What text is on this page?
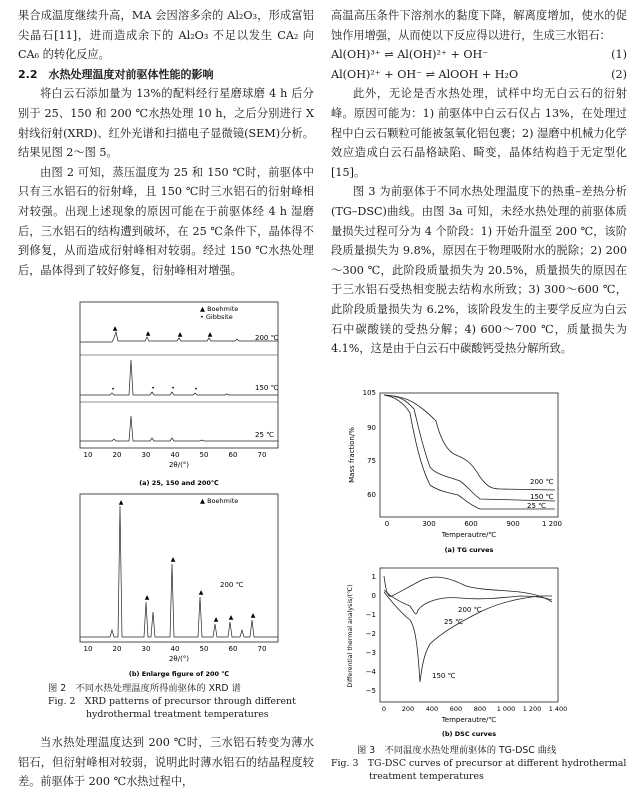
果合成温度继续升高，MA 会因溶多余的 Al₂O₃，形成富铝尖晶石[11]，进而造成余下的 Al₂O₃ 不足以发生 CA₂ 向 CA₆ 的转化反应。

2.2　水热处理温度对前驱体性能的影响

将白云石添加量为 13%的配料经行星磨球磨 4 h 后分别于 25、150 和 200 ℃水热处理 10 h，之后分别进行 X 射线衍射(XRD)、红外光谱和扫描电子显微镜(SEM)分析。结果见图 2～图 5。

由图 2 可知，蒸压温度为 25 和 150 ℃时，前驱体中只有三水铝石的衍射峰，且 150 ℃时三水铝石的衍射峰相对较强。出现上述现象的原因可能在于前驱体经 4 h 湿磨后，三水铝石的结构遭到破坏，在 25 ℃条件下，晶体得不到修复，从而造成衍射峰相对较弱。经过 150 ℃水热处理后，晶体得到了较好修复，衍射峰相对增强。

▲
▲	▲	▲
•	•	•	•
▲ Boehmite
• Gibbsite
200 ℃
150 ℃
25 ℃
10	20	30	40	50	60	70
2θ/(°)
(a) 25, 150 and 200℃
▲
▲
▲
▲
▲ ▲	▲
▲ Boehmite
200 ℃
10	20	30	40	50	60	70
2θ/(°)
(b) Enlarge figure of 200 ℃
图 2　不同水热处理温度所得前驱体的 XRD 谱
Fig. 2　XRD patterns of precursor through different
hydrothermal treatment temperatures

当水热处理温度达到 200 ℃时，三水铝石转变为薄水铝石，但衍射峰相对较弱，说明此时薄水铝石的结晶程度较差。前驱体于 200 ℃水热过程中，

高温高压条件下溶剂水的黏度下降，解离度增加，使水的促蚀作用增强，从而使以下反应得以进行，生成三水铝石：

Al(OH)³⁺ ⇌ Al(OH)²⁺ + OH⁻	(1)
Al(OH)²⁺ + OH⁻ ⇌ AlOOH + H₂O	(2)

此外，无论是否水热处理，试样中均无白云石的衍射峰。原因可能为：1) 前驱体中白云石仅占 13%，在处理过程中白云石颗粒可能被氢氧化铝包裹；2) 湿磨中机械力化学效应造成白云石晶格缺陷、畸变，晶体结构趋于无定型化[15]。

图 3 为前驱体于不同水热处理温度下的热重–差热分析(TG–DSC)曲线。由图 3a 可知，未经水热处理的前驱体质量损失过程可分为 4 个阶段：1) 开始升温至 200 ℃，该阶段质量损失为 9.8%，原因在于物理吸附水的脱除；2) 200～300 ℃，此阶段质量损失为 20.5%，质量损失的原因在于三水铝石受热相变脱去结构水所致；3) 300～600 ℃，此阶段质量损失为 6.2%，该阶段发生的主要学反应为白云石中碳酸镁的受热分解；4) 600～700 ℃，质量损失为 4.1%，这是由于白云石中碳酸钙受热分解所致。

105
90
75
60
Mass fraction/%	200 ℃
150 ℃
25 ℃
0	300	600	900	1 200
Temperautre/℃
(a) TG curves
1
0
−1
−2
−3
−4
−5
Differential thermal analysis/(℃)	200 ℃
25 ℃
150 ℃
0 200 400 600 800 1 000 1 200 1 400
Temperautre/℃
(b) DSC curves
图 3　不同温度水热处理前驱体的 TG-DSC 曲线
Fig. 3　TG-DSC curves of precursor at different hydrothermal
treatment temperatures
